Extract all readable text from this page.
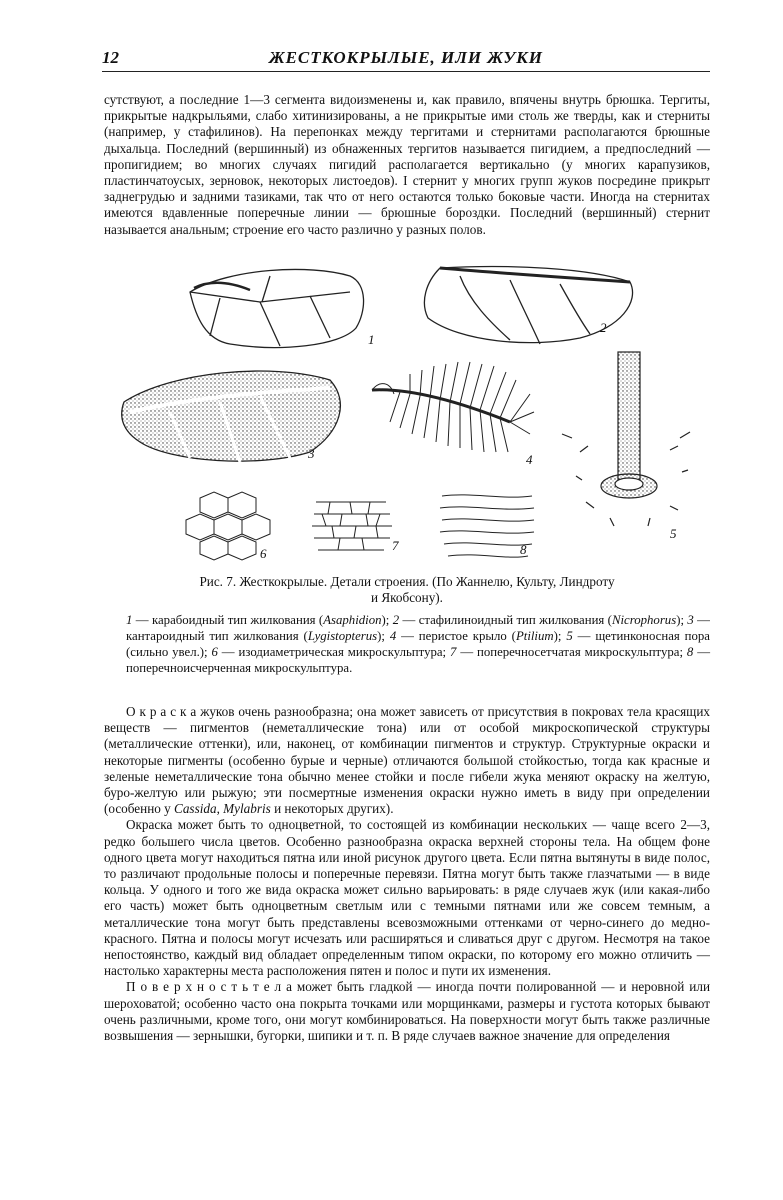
12	ЖЕСТКОКРЫЛЫЕ, ИЛИ ЖУКИ

сутствуют, а последние 1—3 сегмента видоизменены и, как правило, впячены внутрь брюшка. Тергиты, прикрытые надкрыльями, слабо хитинизированы, а не прикрытые ими столь же тверды, как и стерниты (например, у стафилинов). На перепонках между тергитами и стернитами располагаются брюшные дыхальца. Последний (вершинный) из обнаженных тергитов называется пигидием, а предпоследний — пропигидием; во многих случаях пигидий располагается вертикально (у многих карапузиков, пластинчатоусых, зерновок, некоторых листоедов). I стернит у многих групп жуков посредине прикрыт заднегрудью и задними тазиками, так что от него остаются только боковые части. Иногда на стернитах имеются вдавленные поперечные линии — брюшные бороздки. Последний (вершинный) стернит называется анальным; строение его часто различно у разных полов.

1
2
3	4
5
6
7	8
Рис. 7. Жесткокрылые. Детали строения. (По Жаннелю, Культу, Линдроту
и Якобсону).
1 — карабоидный тип жилкования (Asaphidion); 2 — стафилиноидный тип жилкования (Nicrophorus); 3 — кантароидный тип жилкования (Lygistopterus); 4 — перистое крыло (Ptilium); 5 — щетинконосная пора (сильно увел.); 6 — изодиаметрическая микроскульптура; 7 — поперечносетчатая микроскульптура; 8 — поперечноисчерченная микроскульптура.

О к р а с к а жуков очень разнообразна; она может зависеть от присутствия в покровах тела красящих веществ — пигментов (неметаллические тона) или от особой микроскопической структуры (металлические оттенки), или, наконец, от комбинации пигментов и структур. Структурные окраски и некоторые пигменты (особенно бурые и черные) отличаются большой стойкостью, тогда как красные и зеленые неметаллические тона обычно менее стойки и после гибели жука меняют окраску на желтую, буро-желтую или рыжую; эти посмертные изменения окраски нужно иметь в виду при определении (особенно у Cassida, Mylabris и некоторых других).

Окраска может быть то одноцветной, то состоящей из комбинации нескольких — чаще всего 2—3, редко большего числа цветов. Особенно разнообразна окраска верхней стороны тела. На общем фоне одного цвета могут находиться пятна или иной рисунок другого цвета. Если пятна вытянуты в виде полос, то различают продольные полосы и поперечные перевязи. Пятна могут быть также глазчатыми — в виде кольца. У одного и того же вида окраска может сильно варьировать: в ряде случаев жук (или какая-либо его часть) может быть одноцветным светлым или с темными пятнами или же совсем темным, а металлические тона могут быть представлены всевозможными оттенками от черно-синего до медно-красного. Пятна и полосы могут исчезать или расширяться и сливаться друг с другом. Несмотря на такое непостоянство, каждый вид обладает определенным типом окраски, по которому его можно отличить — настолько характерны места расположения пятен и полос и пути их изменения.

П о в е р х н о с т ь т е л а может быть гладкой — иногда почти полированной — и неровной или шероховатой; особенно часто она покрыта точками или морщинками, размеры и густота которых бывают очень различными, кроме того, они могут комбинироваться. На поверхности могут быть также различные возвышения — зернышки, бугорки, шипики и т. п. В ряде случаев важное значение для определения
